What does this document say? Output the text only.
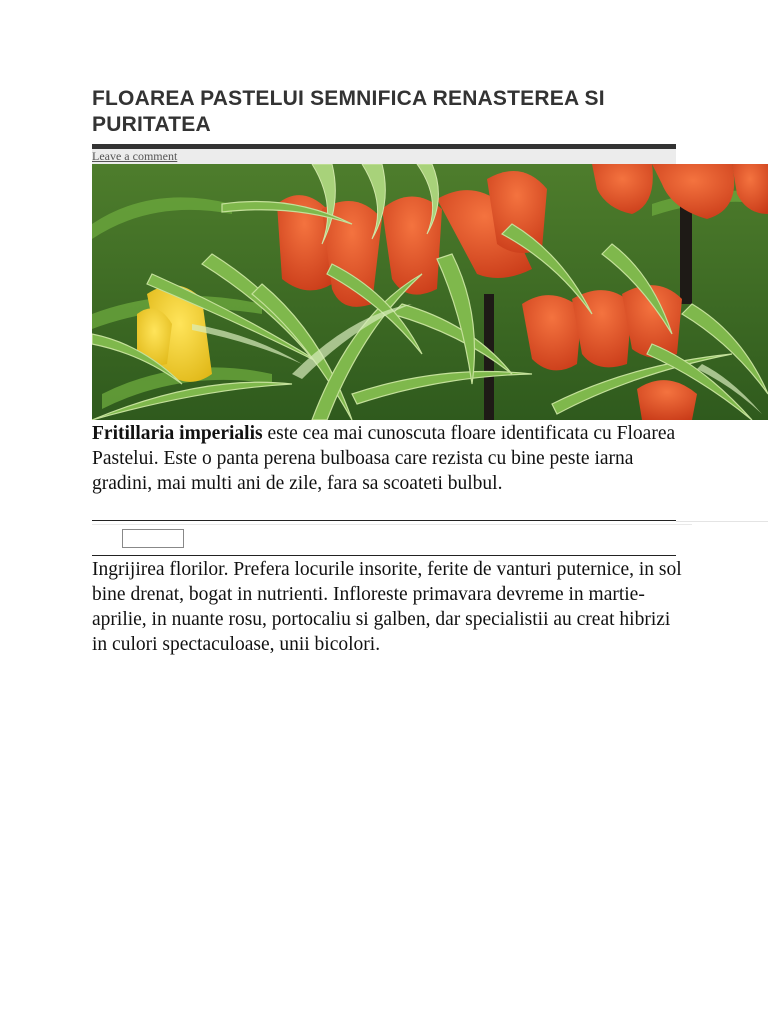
FLOAREA PASTELUI SEMNIFICA RENASTEREA SI PURITATEA
Leave a comment

Fritillaria imperialis este cea mai cunoscuta floare identificata cu Floarea Pastelui. Este o panta perena bulboasa care rezista cu bine peste iarna gradini, mai multi ani de zile, fara sa scoateti bulbul.

Ingrijirea florilor. Prefera locurile insorite, ferite de vanturi puternice, in sol bine drenat, bogat in nutrienti. Infloreste primavara devreme in martie-aprilie, in nuante rosu, portocaliu si galben, dar specialistii au creat hibrizi in culori spectaculoase, unii bicolori.
